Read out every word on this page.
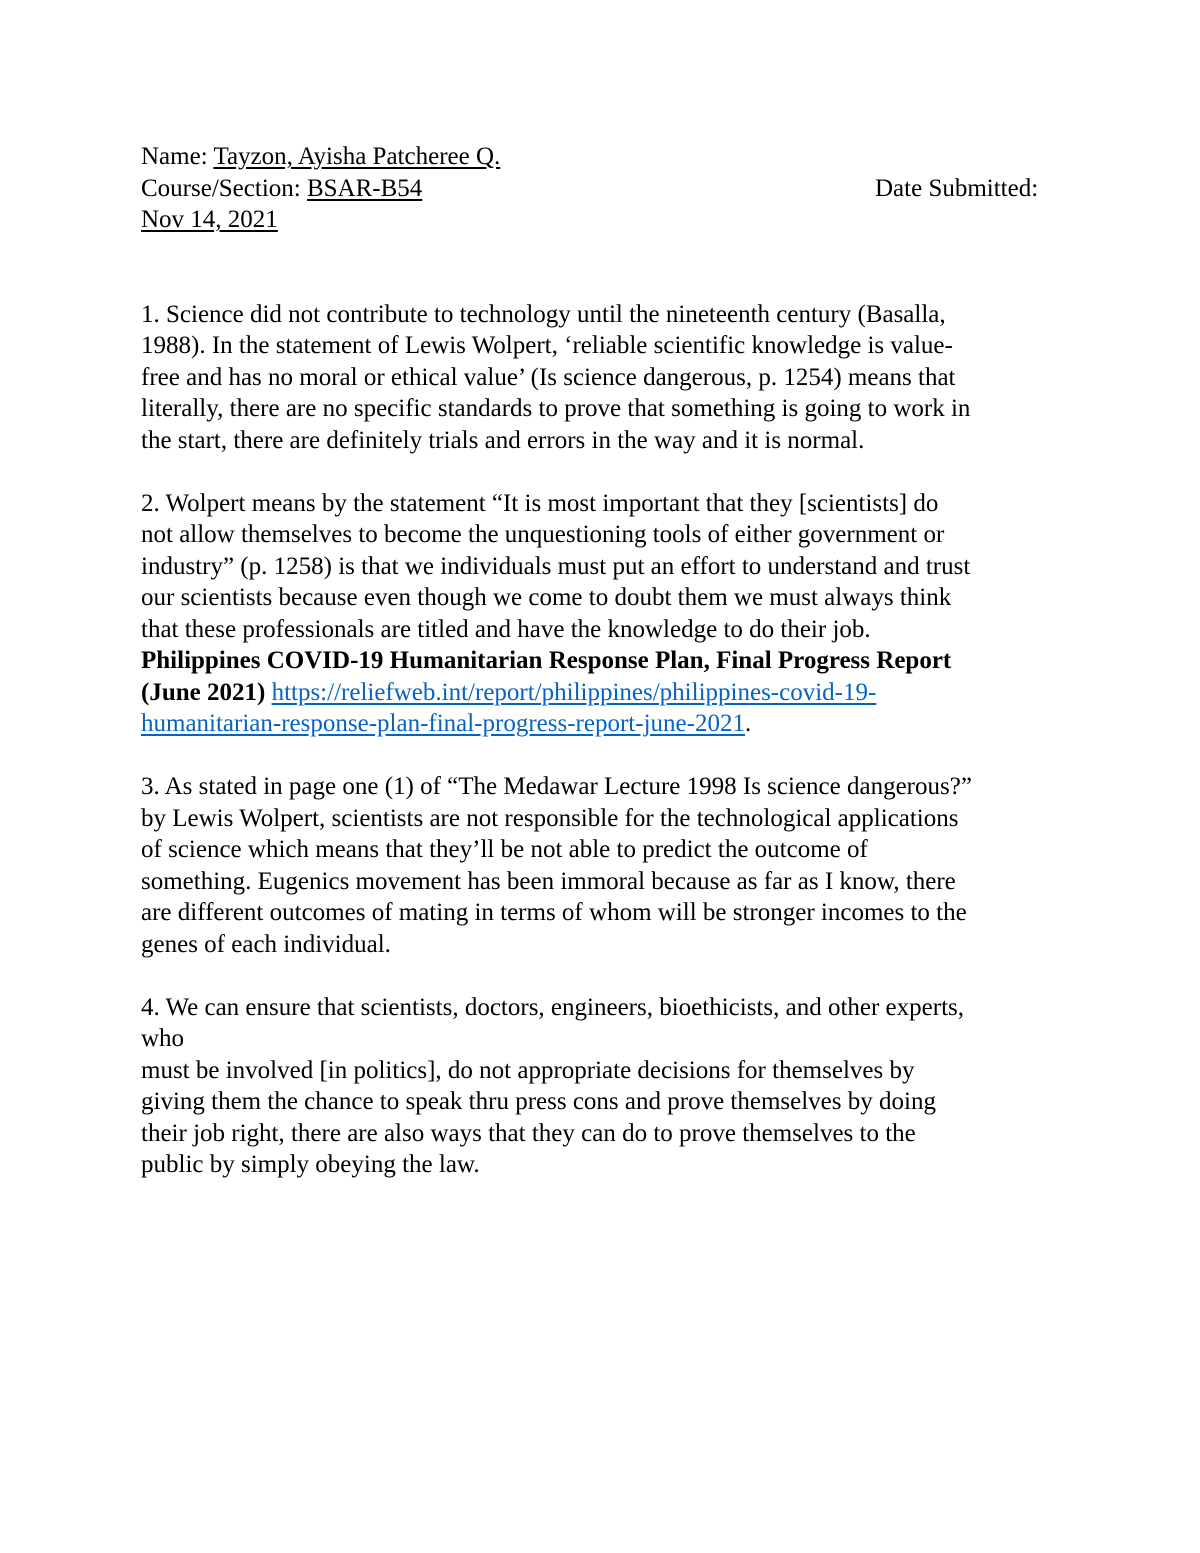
Name: Tayzon, Ayisha Patcheree Q.
Course/Section: BSAR-B54	Date Submitted:
Nov 14, 2021
1. Science did not contribute to technology until the nineteenth century (Basalla,
1988). In the statement of Lewis Wolpert, ‘reliable scientific knowledge is value-
free and has no moral or ethical value’ (Is science dangerous, p. 1254) means that
literally, there are no specific standards to prove that something is going to work in
the start, there are definitely trials and errors in the way and it is normal.
2. Wolpert means by the statement “It is most important that they [scientists] do
not allow themselves to become the unquestioning tools of either government or
industry” (p. 1258) is that we individuals must put an effort to understand and trust
our scientists because even though we come to doubt them we must always think
that these professionals are titled and have the knowledge to do their job.
Philippines COVID-19 Humanitarian Response Plan, Final Progress Report
(June 2021) https://reliefweb.int/report/philippines/philippines-covid-19-
humanitarian-response-plan-final-progress-report-june-2021.
3. As stated in page one (1) of “The Medawar Lecture 1998 Is science dangerous?”
by Lewis Wolpert, scientists are not responsible for the technological applications
of science which means that they’ll be not able to predict the outcome of
something. Eugenics movement has been immoral because as far as I know, there
are different outcomes of mating in terms of whom will be stronger incomes to the
genes of each individual.
4. We can ensure that scientists, doctors, engineers, bioethicists, and other experts,
who
must be involved [in politics], do not appropriate decisions for themselves by
giving them the chance to speak thru press cons and prove themselves by doing
their job right, there are also ways that they can do to prove themselves to the
public by simply obeying the law.
